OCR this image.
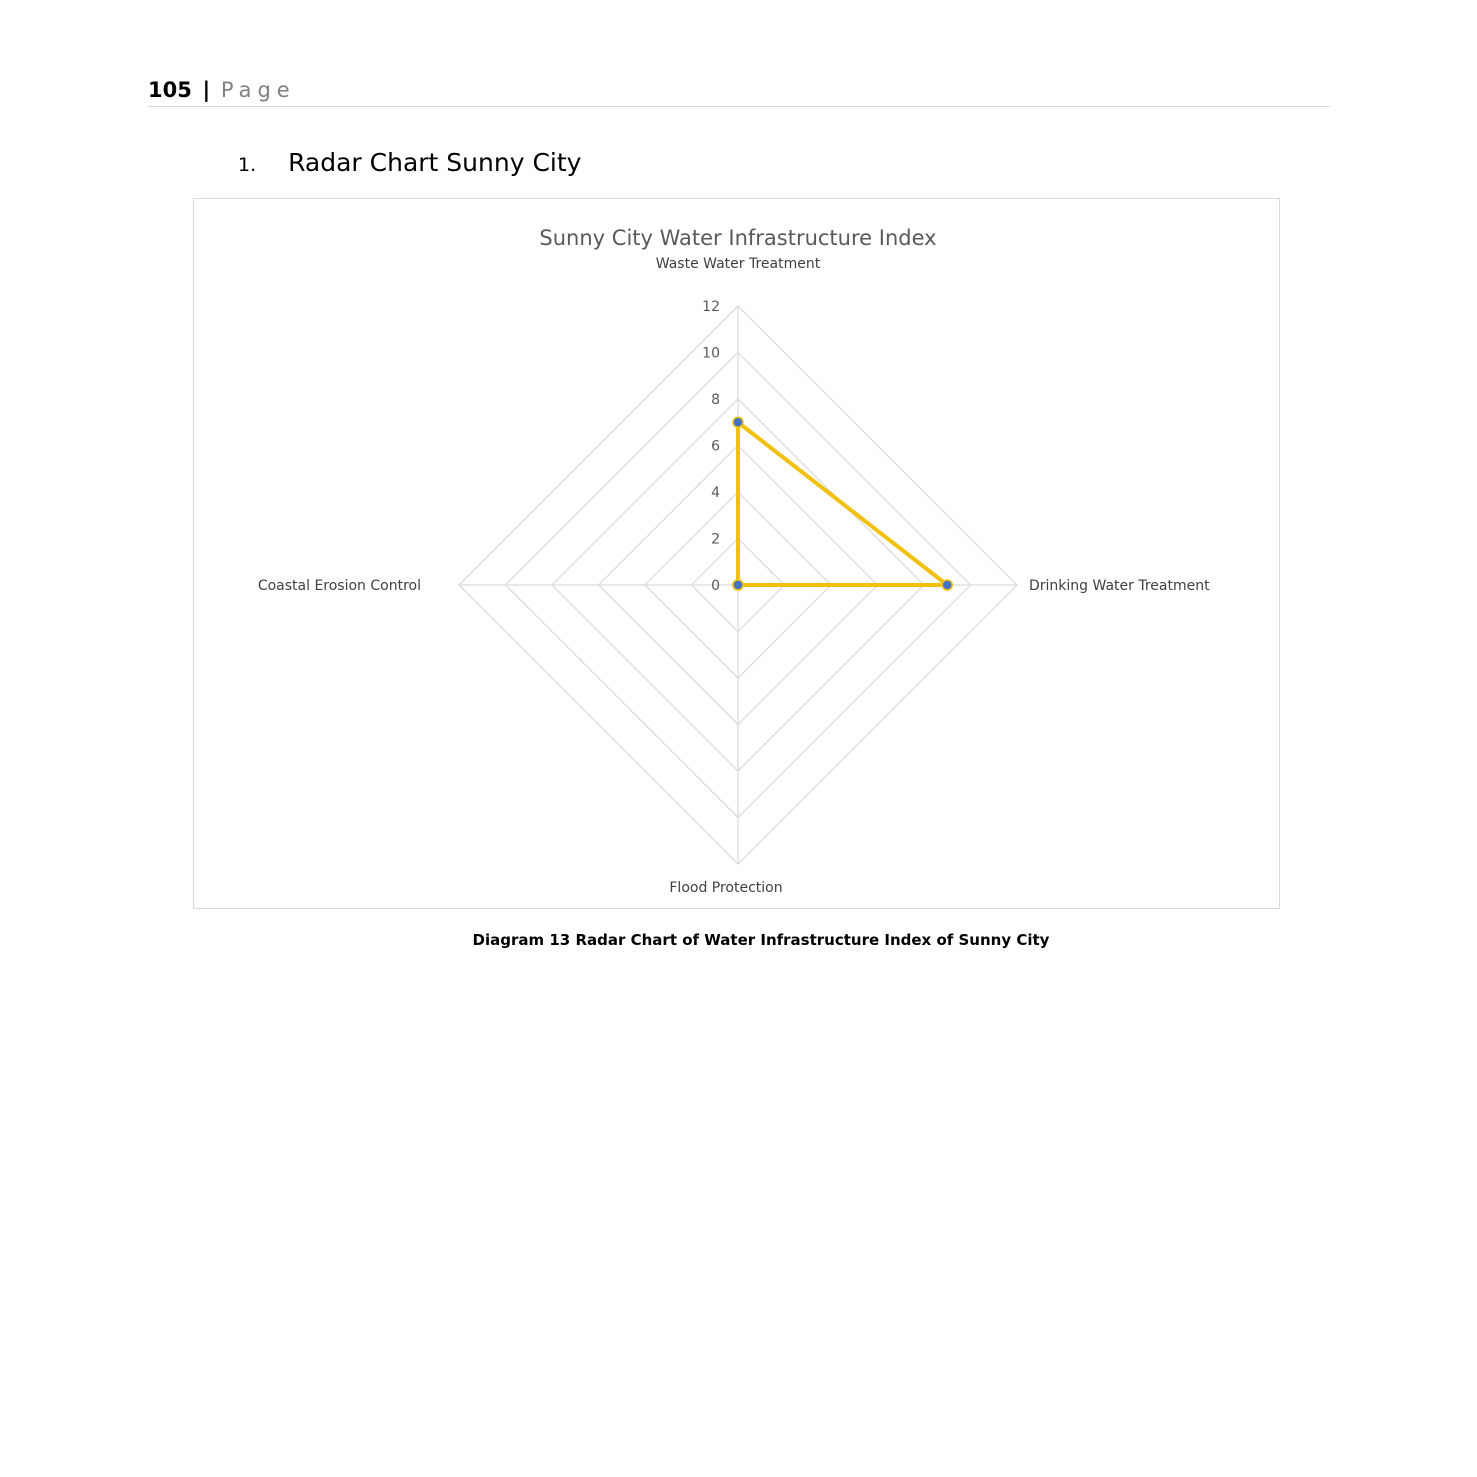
105 | Page
1. Radar Chart Sunny City
Sunny City Water Infrastructure Index
0
2
4
6
8
10
12
Waste Water Treatment
Drinking Water Treatment
Flood Protection
Coastal Erosion Control
Diagram 13 Radar Chart of Water Infrastructure Index of Sunny City
